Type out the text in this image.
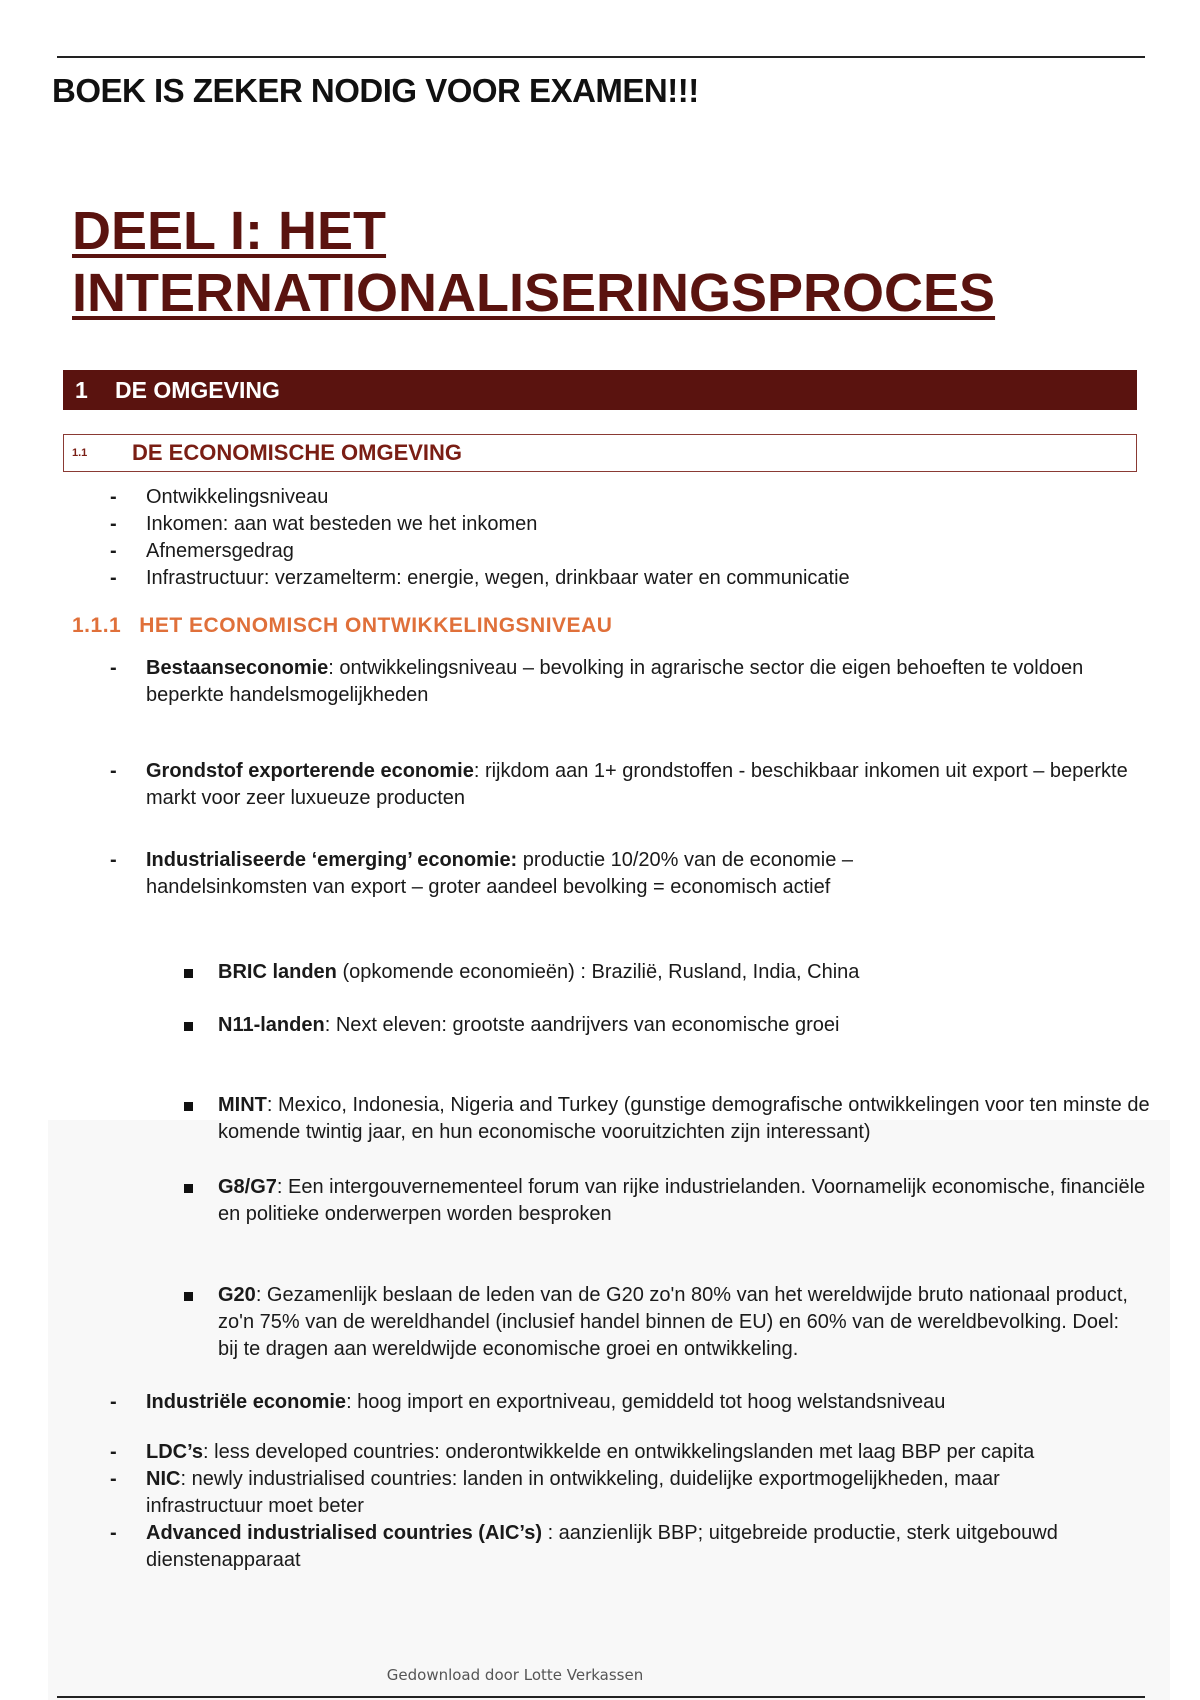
BOEK IS ZEKER NODIG VOOR EXAMEN!!!
DEEL I: HET
INTERNATIONALISERINGSPROCES
1	DE OMGEVING
1.1	DE ECONOMISCHE OMGEVING
- Ontwikkelingsniveau
- Inkomen: aan wat besteden we het inkomen
- Afnemersgedrag
- Infrastructuur: verzamelterm: energie, wegen, drinkbaar water en communicatie
1.1.1 HET ECONOMISCH ONTWIKKELINGSNIVEAU
- Bestaanseconomie: ontwikkelingsniveau – bevolking in agrarische sector die eigen behoeften te voldoen beperkte handelsmogelijkheden
- Grondstof exporterende economie: rijkdom aan 1+ grondstoffen - beschikbaar inkomen uit export – beperkte markt voor zeer luxueuze producten
- Industrialiseerde ‘emerging’ economie: productie 10/20% van de economie – handelsinkomsten van export – groter aandeel bevolking = economisch actief
BRIC landen (opkomende economieën) : Brazilië, Rusland, India, China
N11-landen: Next eleven: grootste aandrijvers van economische groei
MINT: Mexico, Indonesia, Nigeria and Turkey (gunstige demografische ontwikkelingen voor ten minste de komende twintig jaar, en hun economische vooruitzichten zijn interessant)
G8/G7: Een intergouvernementeel forum van rijke industrielanden. Voornamelijk economische, financiële en politieke onderwerpen worden besproken
G20: Gezamenlijk beslaan de leden van de G20 zo'n 80% van het wereldwijde bruto nationaal product, zo'n 75% van de wereldhandel (inclusief handel binnen de EU) en 60% van de wereldbevolking. Doel: bij te dragen aan wereldwijde economische groei en ontwikkeling.
- Industriële economie: hoog import en exportniveau, gemiddeld tot hoog welstandsniveau
- LDC’s: less developed countries: onderontwikkelde en ontwikkelingslanden met laag BBP per capita
- NIC: newly industrialised countries: landen in ontwikkeling, duidelijke exportmogelijkheden, maar infrastructuur moet beter
- Advanced industrialised countries (AIC’s) : aanzienlijk BBP; uitgebreide productie, sterk uitgebouwd dienstenapparaat
Gedownload door Lotte Verkassen
